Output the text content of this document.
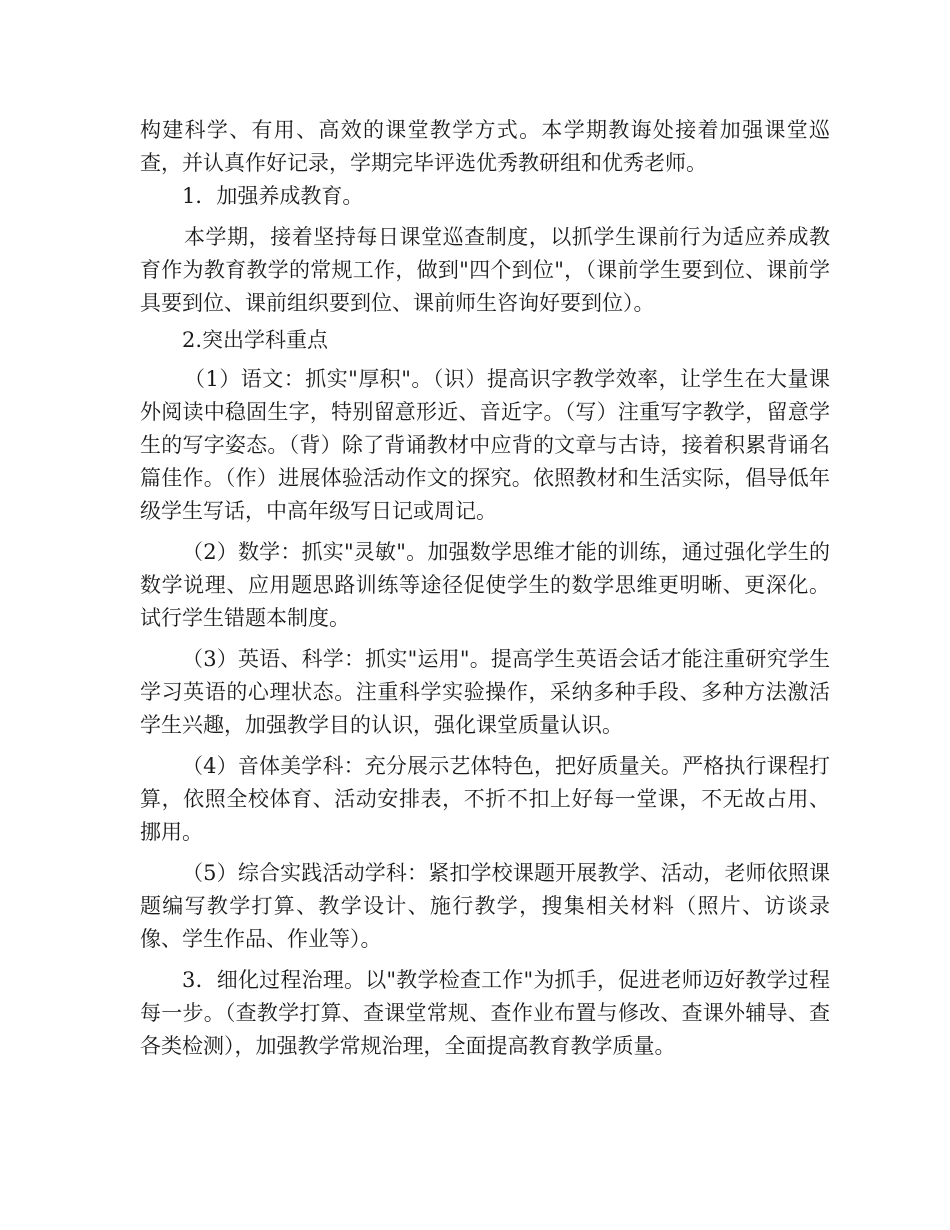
构建科学、有用、高效的课堂教学方式。本学期教诲处接着加强课堂巡查，并认真作好记录，学期完毕评选优秀教研组和优秀老师。

1．加强养成教育。

本学期，接着坚持每日课堂巡查制度，以抓学生课前行为适应养成教育作为教育教学的常规工作，做到"四个到位"，（课前学生要到位、课前学具要到位、课前组织要到位、课前师生咨询好要到位）。

2.突出学科重点

（1）语文：抓实"厚积"。（识）提高识字教学效率，让学生在大量课外阅读中稳固生字，特别留意形近、音近字。（写）注重写字教学，留意学生的写字姿态。（背）除了背诵教材中应背的文章与古诗，接着积累背诵名篇佳作。（作）进展体验活动作文的探究。依照教材和生活实际，倡导低年级学生写话，中高年级写日记或周记。

（2）数学：抓实"灵敏"。加强数学思维才能的训练，通过强化学生的数学说理、应用题思路训练等途径促使学生的数学思维更明晰、更深化。试行学生错题本制度。

（3）英语、科学：抓实"运用"。提高学生英语会话才能注重研究学生学习英语的心理状态。注重科学实验操作，采纳多种手段、多种方法激活学生兴趣，加强教学目的认识，强化课堂质量认识。

（4）音体美学科：充分展示艺体特色，把好质量关。严格执行课程打算，依照全校体育、活动安排表，不折不扣上好每一堂课，不无故占用、挪用。

（5）综合实践活动学科：紧扣学校课题开展教学、活动，老师依照课题编写教学打算、教学设计、施行教学，搜集相关材料（照片、访谈录像、学生作品、作业等）。

3．细化过程治理。以"教学检查工作"为抓手，促进老师迈好教学过程每一步。（查教学打算、查课堂常规、查作业布置与修改、查课外辅导、查各类检测），加强教学常规治理，全面提高教育教学质量。
